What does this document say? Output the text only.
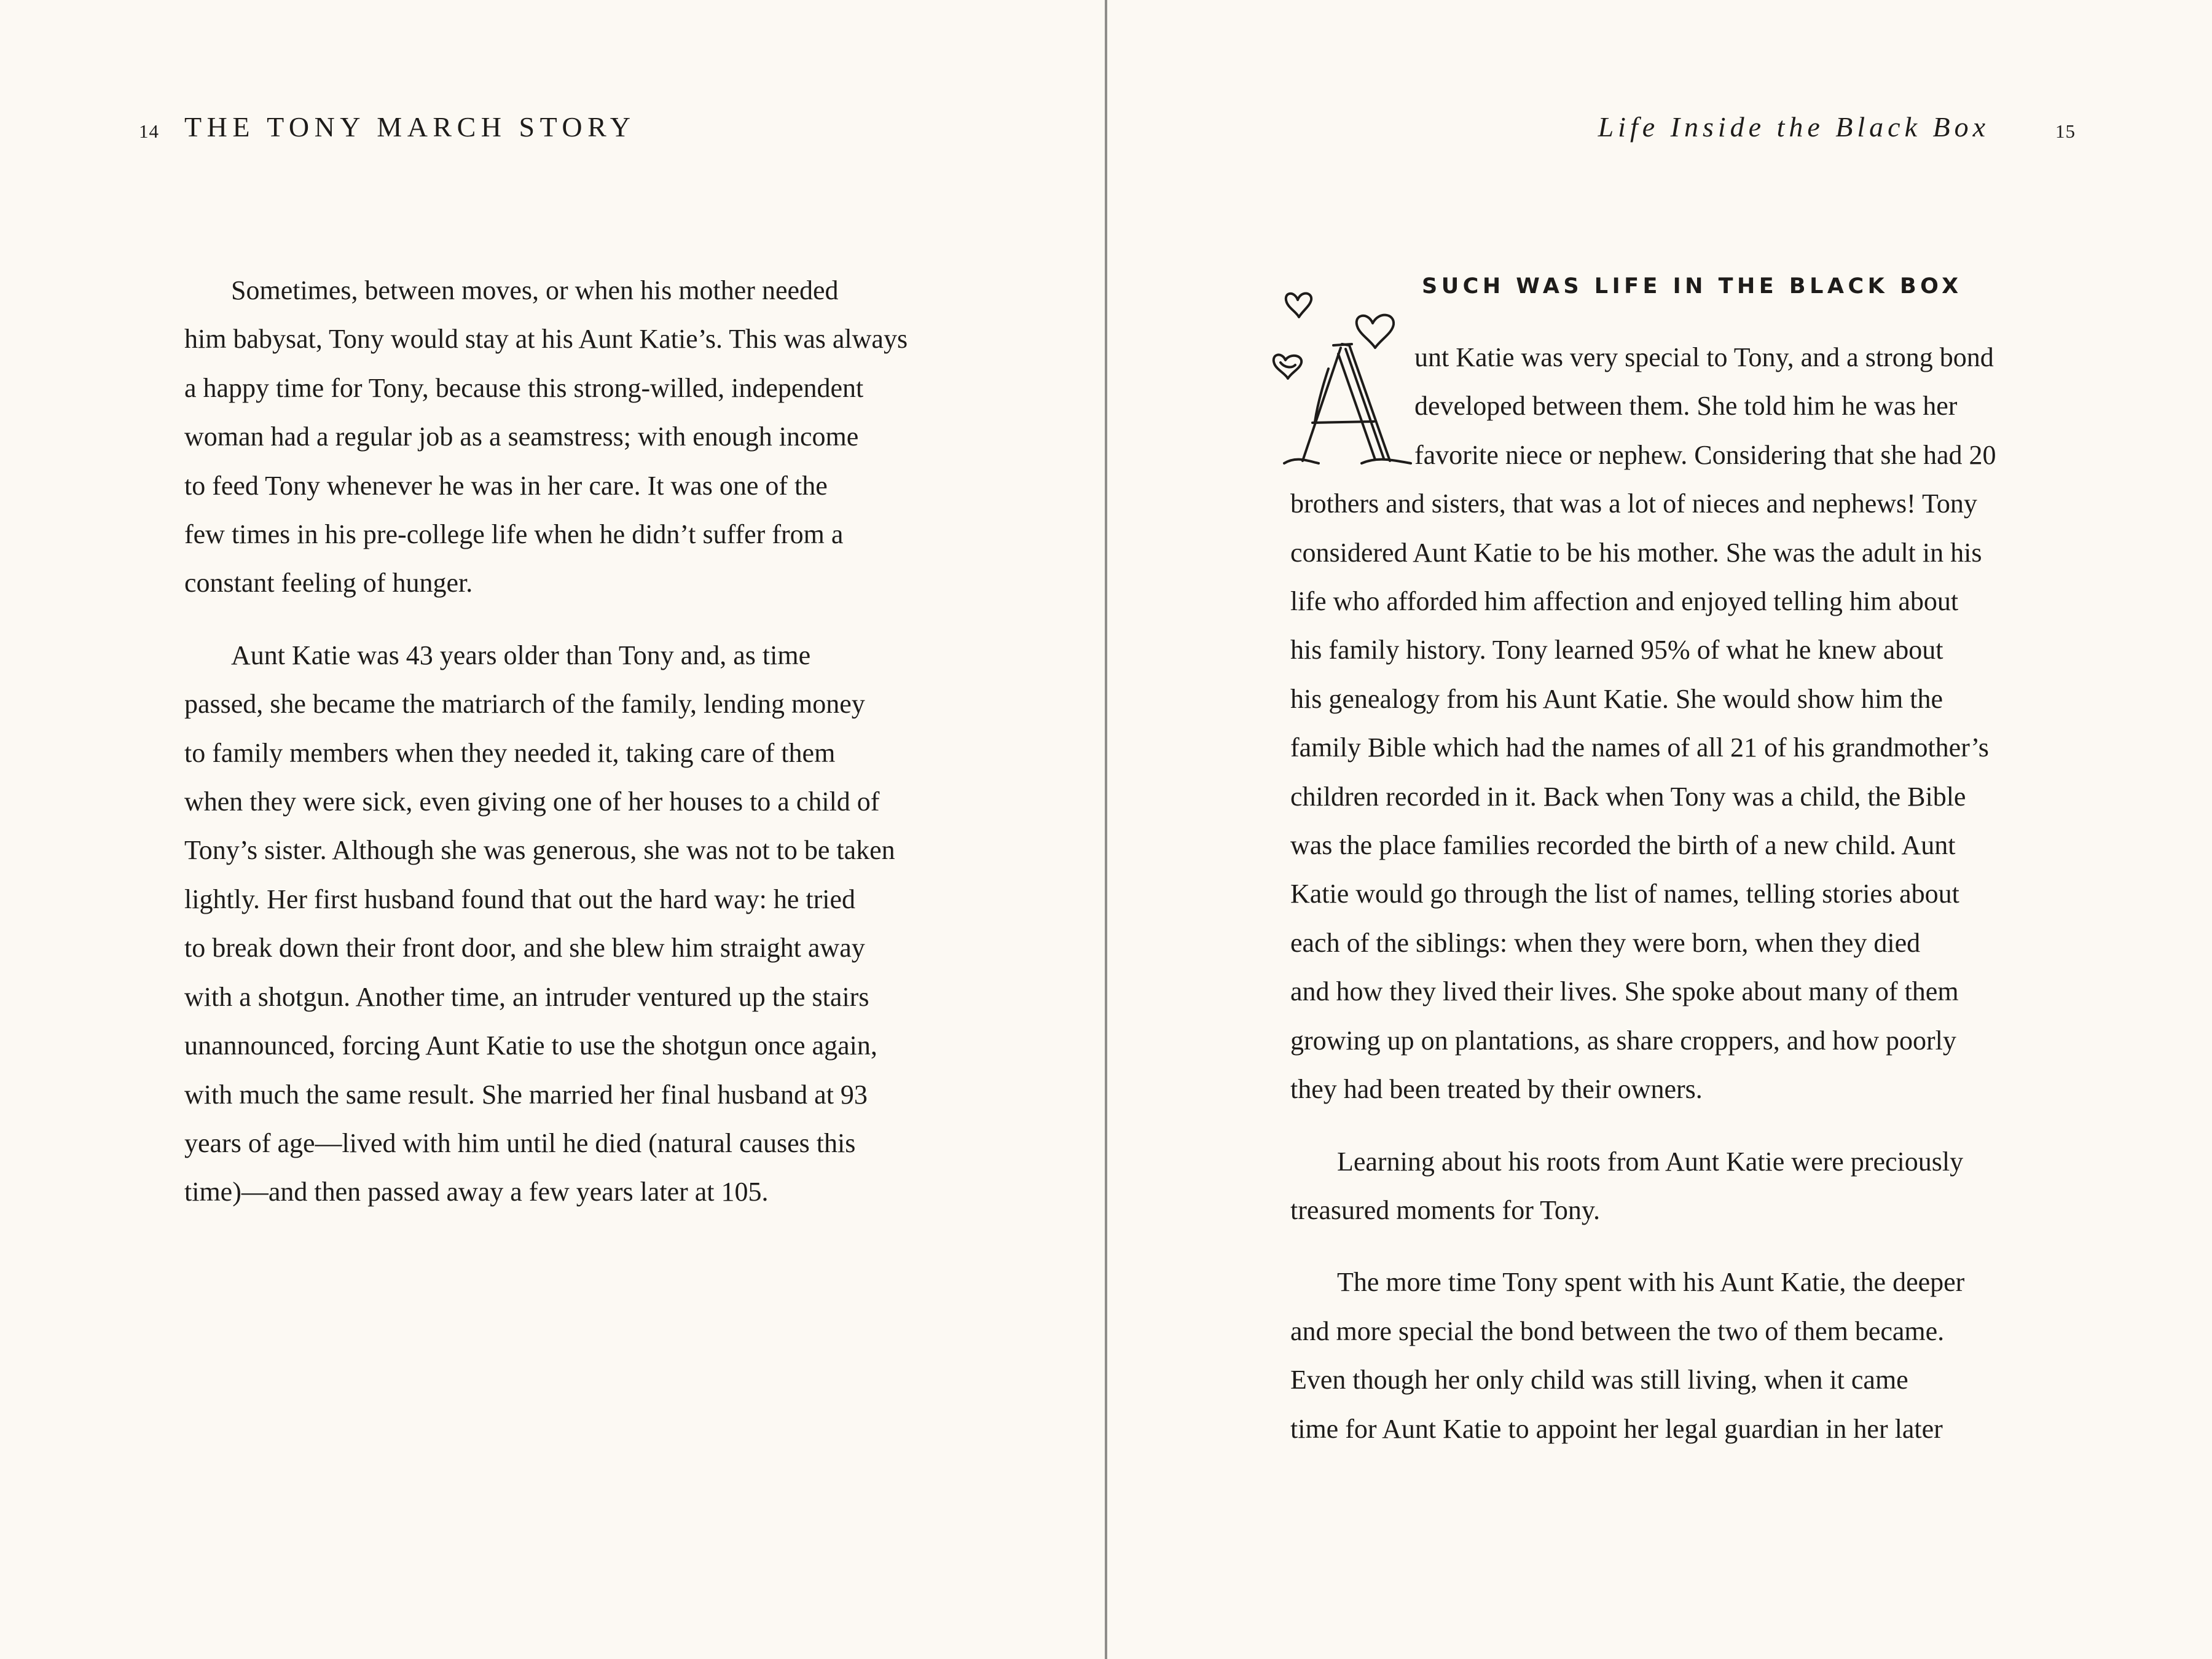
14 THE TONY MARCH STORY
Sometimes, between moves, or when his mother needed
him babysat, Tony would stay at his Aunt Katie’s. This was always
a happy time for Tony, because this strong-willed, independent
woman had a regular job as a seamstress; with enough income
to feed Tony whenever he was in her care. It was one of the
few times in his pre-college life when he didn’t suffer from a
constant feeling of hunger.
Aunt Katie was 43 years older than Tony and, as time
passed, she became the matriarch of the family, lending money
to family members when they needed it, taking care of them
when they were sick, even giving one of her houses to a child of
Tony’s sister. Although she was generous, she was not to be taken
lightly. Her first husband found that out the hard way: he tried
to break down their front door, and she blew him straight away
with a shotgun. Another time, an intruder ventured up the stairs
unannounced, forcing Aunt Katie to use the shotgun once again,
with much the same result. She married her final husband at 93
years of age—lived with him until he died (natural causes this
time)—and then passed away a few years later at 105.
Life Inside the Black Box	15
SUCH WAS LIFE IN THE BLACK BOX
unt Katie was very special to Tony, and a strong bond
developed between them. She told him he was her
favorite niece or nephew. Considering that she had 20
brothers and sisters, that was a lot of nieces and nephews! Tony
considered Aunt Katie to be his mother. She was the adult in his
life who afforded him affection and enjoyed telling him about
his family history. Tony learned 95% of what he knew about
his genealogy from his Aunt Katie. She would show him the
family Bible which had the names of all 21 of his grandmother’s
children recorded in it. Back when Tony was a child, the Bible
was the place families recorded the birth of a new child. Aunt
Katie would go through the list of names, telling stories about
each of the siblings: when they were born, when they died
and how they lived their lives. She spoke about many of them
growing up on plantations, as share croppers, and how poorly
they had been treated by their owners.
Learning about his roots from Aunt Katie were preciously
treasured moments for Tony.
The more time Tony spent with his Aunt Katie, the deeper
and more special the bond between the two of them became.
Even though her only child was still living, when it came
time for Aunt Katie to appoint her legal guardian in her later
